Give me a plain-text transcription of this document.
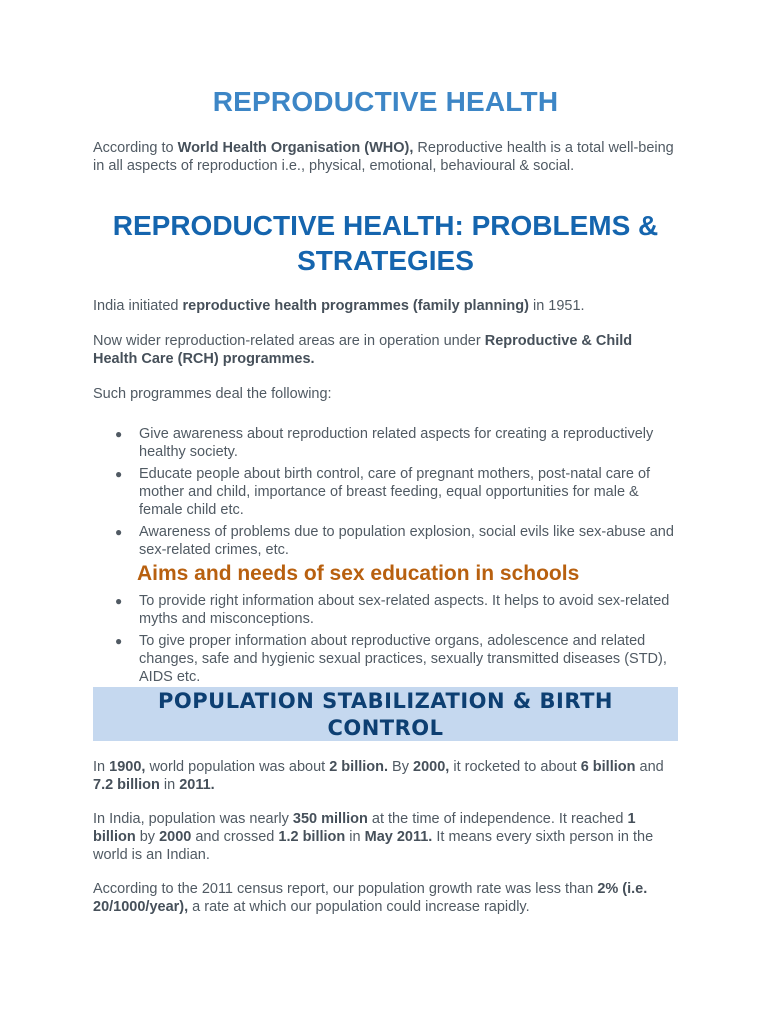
REPRODUCTIVE HEALTH

According to World Health Organisation (WHO), Reproductive health is a total well-being in all aspects of reproduction i.e., physical, emotional, behavioural & social.

REPRODUCTIVE HEALTH: PROBLEMS &
STRATEGIES

India initiated reproductive health programmes (family planning) in 1951.

Now wider reproduction-related areas are in operation under Reproductive & Child Health Care (RCH) programmes.

Such programmes deal the following:

● Give awareness about reproduction related aspects for creating a reproductively healthy society.
● Educate people about birth control, care of pregnant mothers, post-natal care of mother and child, importance of breast feeding, equal opportunities for male & female child etc.
● Awareness of problems due to population explosion, social evils like sex-abuse and sex-related crimes, etc.
Aims and needs of sex education in schools
● To provide right information about sex-related aspects. It helps to avoid sex-related myths and misconceptions.
● To give proper information about reproductive organs, adolescence and related changes, safe and hygienic sexual practices, sexually transmitted diseases (STD), AIDS etc.
POPULATION STABILIZATION & BIRTH
CONTROL

In 1900, world population was about 2 billion. By 2000, it rocketed to about 6 billion and 7.2 billion in 2011.

In India, population was nearly 350 million at the time of independence. It reached 1 billion by 2000 and crossed 1.2 billion in May 2011. It means every sixth person in the world is an Indian.

According to the 2011 census report, our population growth rate was less than 2% (i.e. 20/1000/year), a rate at which our population could increase rapidly.
